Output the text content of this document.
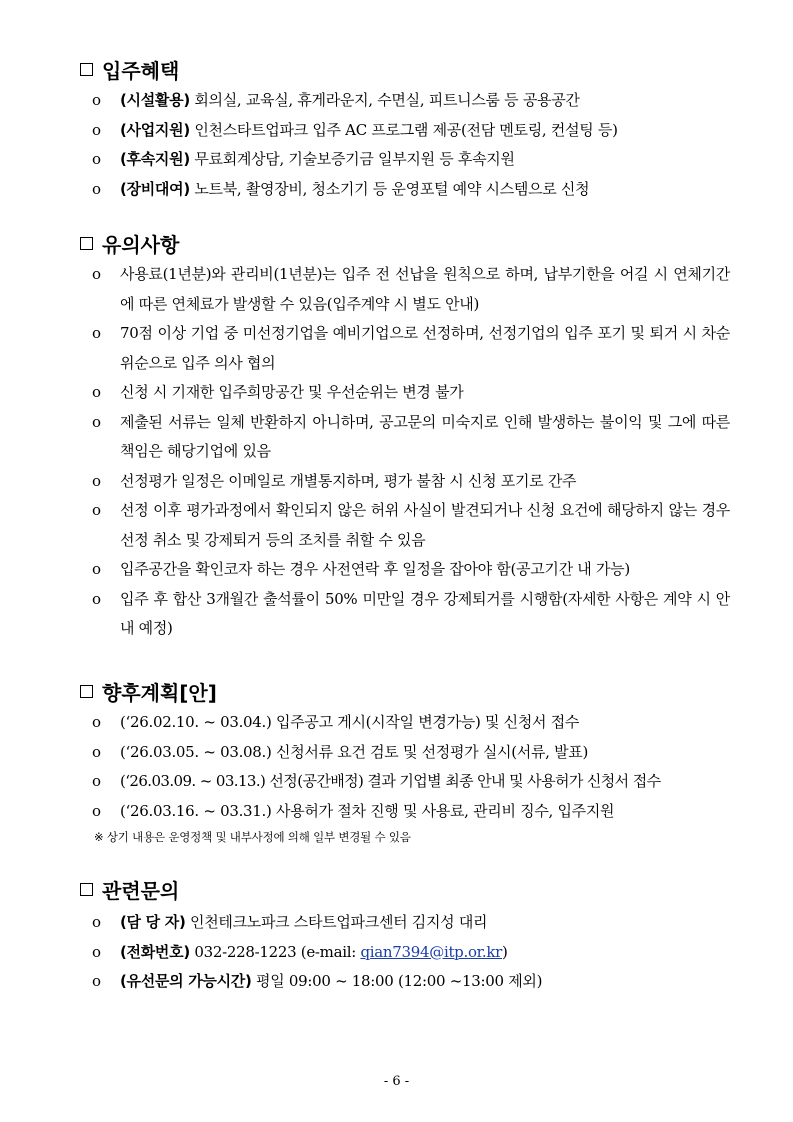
입주혜택
o (시설활용) 회의실, 교육실, 휴게라운지, 수면실, 피트니스룸 등 공용공간
o (사업지원) 인천스타트업파크 입주 AC 프로그램 제공(전담 멘토링, 컨설팅 등)
o (후속지원) 무료회계상담, 기술보증기금 일부지원 등 후속지원
o (장비대여) 노트북, 촬영장비, 청소기기 등 운영포털 예약 시스템으로 신청
유의사항
o 사용료(1년분)와 관리비(1년분)는 입주 전 선납을 원칙으로 하며, 납부기한을 어길 시 연체기간에 따른 연체료가 발생할 수 있음(입주계약 시 별도 안내)
o 70점 이상 기업 중 미선정기업을 예비기업으로 선정하며, 선정기업의 입주 포기 및 퇴거 시 차순위순으로 입주 의사 협의
o 신청 시 기재한 입주희망공간 및 우선순위는 변경 불가
o 제출된 서류는 일체 반환하지 아니하며, 공고문의 미숙지로 인해 발생하는 불이익 및 그에 따른 책임은 해당기업에 있음
o 선정평가 일정은 이메일로 개별통지하며, 평가 불참 시 신청 포기로 간주
o 선정 이후 평가과정에서 확인되지 않은 허위 사실이 발견되거나 신청 요건에 해당하지 않는 경우 선정 취소 및 강제퇴거 등의 조치를 취할 수 있음
o 입주공간을 확인코자 하는 경우 사전연락 후 일정을 잡아야 함(공고기간 내 가능)
o 입주 후 합산 3개월간 출석률이 50% 미만일 경우 강제퇴거를 시행함(자세한 사항은 계약 시 안내 예정)
향후계획[안]
o (‘26.02.10. ~ 03.04.) 입주공고 게시(시작일 변경가능) 및 신청서 접수
o (‘26.03.05. ~ 03.08.) 신청서류 요건 검토 및 선정평가 실시(서류, 발표)
o (‘26.03.09. ~ 03.13.) 선정(공간배정) 결과 기업별 최종 안내 및 사용허가 신청서 접수
o (‘26.03.16. ~ 03.31.) 사용허가 절차 진행 및 사용료, 관리비 징수, 입주지원
※ 상기 내용은 운영정책 및 내부사정에 의해 일부 변경될 수 있음
관련문의
o (담 당 자) 인천테크노파크 스타트업파크센터 김지성 대리
o (전화번호) 032-228-1223 (e-mail: qian7394@itp.or.kr)
o (유선문의 가능시간) 평일 09:00 ~ 18:00 (12:00 ~13:00 제외)
- 6 -
